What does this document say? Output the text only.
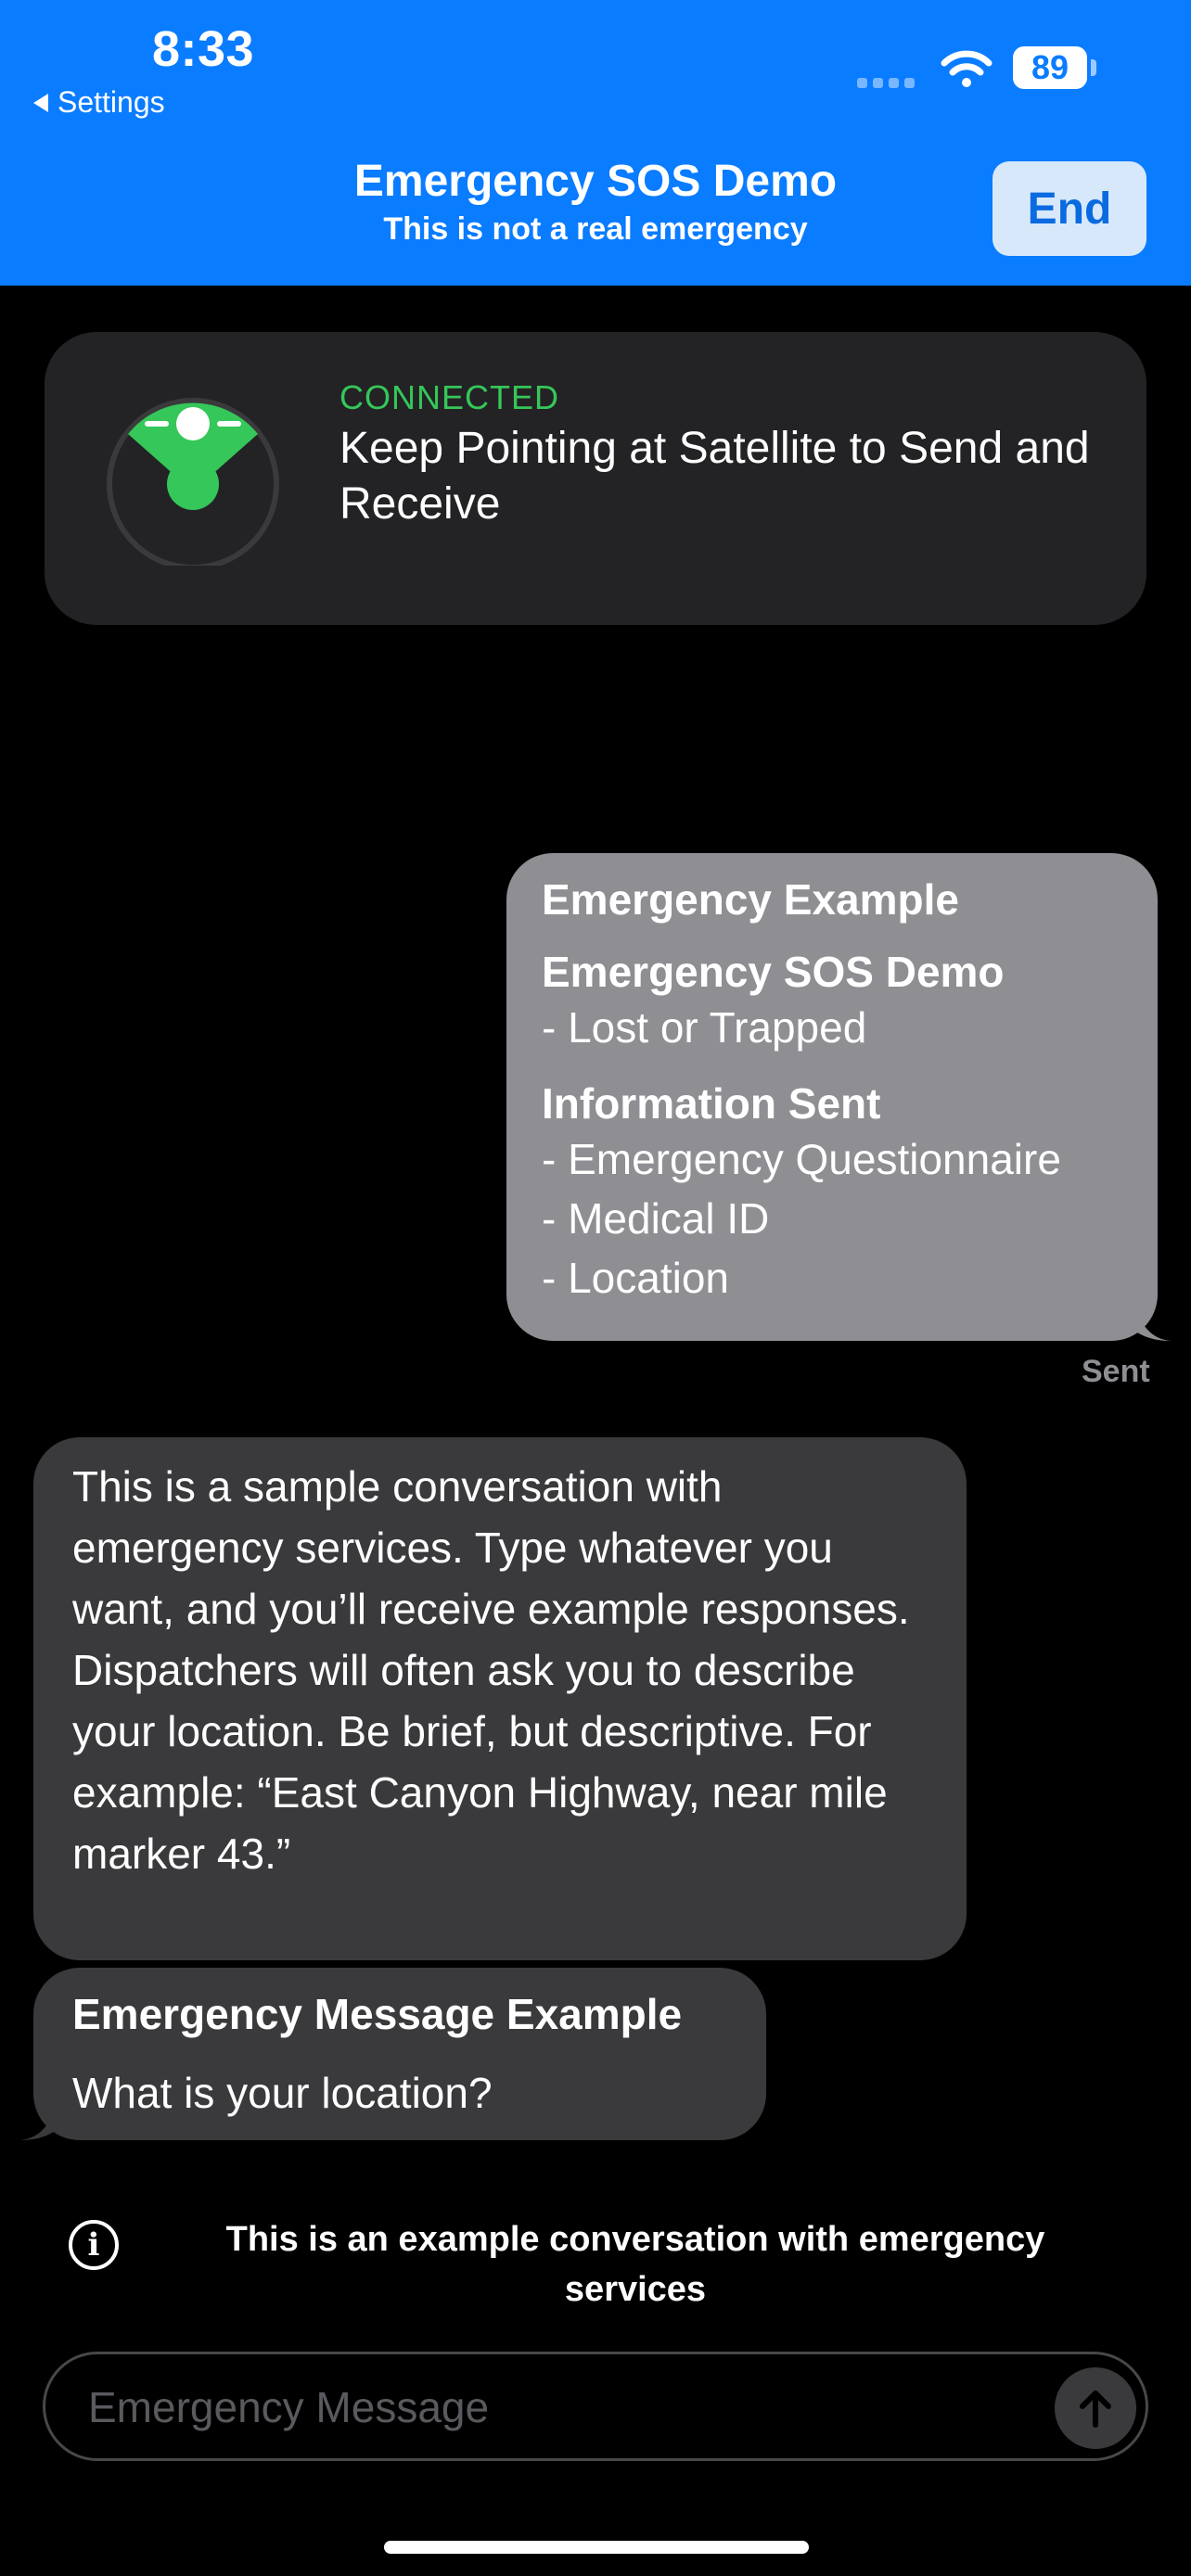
8:33
Settings
89
Emergency SOS Demo
This is not a real emergency	End
CONNECTED
Keep Pointing at Satellite to Send and Receive
Emergency Example
Emergency SOS Demo
- Lost or Trapped
Information Sent
- Emergency Questionnaire
- Medical ID
- Location
Sent
This is a sample conversation with emergency services. Type whatever you want, and you’ll receive example responses.
Dispatchers will often ask you to describe your location. Be brief, but descriptive. For example: “East Canyon Highway, near mile marker 43.”
Emergency Message Example
What is your location?
i	This is an example conversation with emergency services
Emergency Message
